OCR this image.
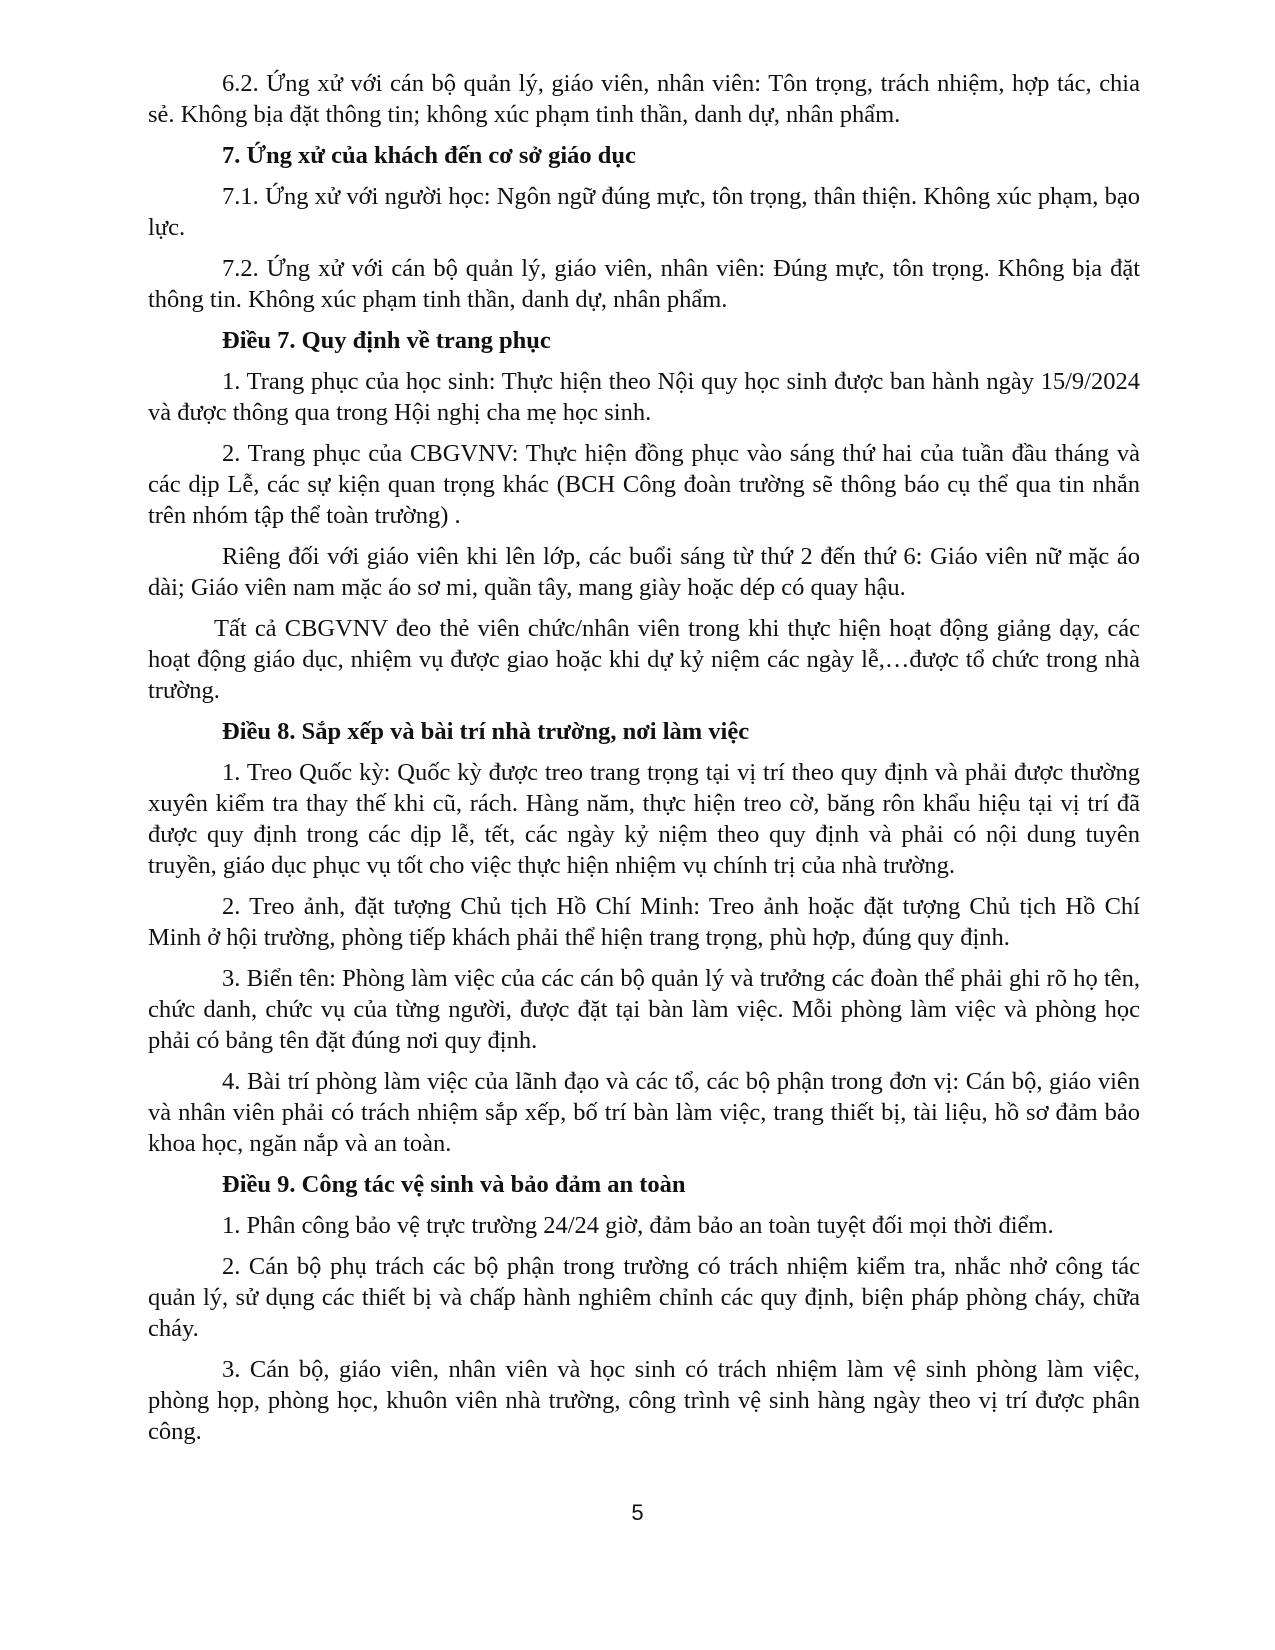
6.2. Ứng xử với cán bộ quản lý, giáo viên, nhân viên: Tôn trọng, trách nhiệm, hợp tác, chia sẻ. Không bịa đặt thông tin; không xúc phạm tinh thần, danh dự, nhân phẩm.

7. Ứng xử của khách đến cơ sở giáo dục

7.1. Ứng xử với người học: Ngôn ngữ đúng mực, tôn trọng, thân thiện. Không xúc phạm, bạo lực.

7.2. Ứng xử với cán bộ quản lý, giáo viên, nhân viên: Đúng mực, tôn trọng. Không bịa đặt thông tin. Không xúc phạm tinh thần, danh dự, nhân phẩm.

Điều 7. Quy định về trang phục

1. Trang phục của học sinh: Thực hiện theo Nội quy học sinh được ban hành ngày 15/9/2024 và được thông qua trong Hội nghị cha mẹ học sinh.

2. Trang phục của CBGVNV: Thực hiện đồng phục vào sáng thứ hai của tuần đầu tháng và các dịp Lễ, các sự kiện quan trọng khác (BCH Công đoàn trường sẽ thông báo cụ thể qua tin nhắn trên nhóm tập thể toàn trường) .

Riêng đối với giáo viên khi lên lớp, các buổi sáng từ thứ 2 đến thứ 6: Giáo viên nữ mặc áo dài; Giáo viên nam mặc áo sơ mi, quần tây, mang giày hoặc dép có quay hậu.

Tất cả CBGVNV đeo thẻ viên chức/nhân viên trong khi thực hiện hoạt động giảng dạy, các hoạt động giáo dục, nhiệm vụ được giao hoặc khi dự kỷ niệm các ngày lễ,…được tổ chức trong nhà trường.

Điều 8. Sắp xếp và bài trí nhà trường, nơi làm việc

1. Treo Quốc kỳ: Quốc kỳ được treo trang trọng tại vị trí theo quy định và phải được thường xuyên kiểm tra thay thế khi cũ, rách. Hàng năm, thực hiện treo cờ, băng rôn khẩu hiệu tại vị trí đã được quy định trong các dịp lễ, tết, các ngày kỷ niệm theo quy định và phải có nội dung tuyên truyền, giáo dục phục vụ tốt cho việc thực hiện nhiệm vụ chính trị của nhà trường.

2. Treo ảnh, đặt tượng Chủ tịch Hồ Chí Minh: Treo ảnh hoặc đặt tượng Chủ tịch Hồ Chí Minh ở hội trường, phòng tiếp khách phải thể hiện trang trọng, phù hợp, đúng quy định.

3. Biển tên: Phòng làm việc của các cán bộ quản lý và trưởng các đoàn thể phải ghi rõ họ tên, chức danh, chức vụ của từng người, được đặt tại bàn làm việc. Mỗi phòng làm việc và phòng học phải có bảng tên đặt đúng nơi quy định.

4. Bài trí phòng làm việc của lãnh đạo và các tổ, các bộ phận trong đơn vị: Cán bộ, giáo viên và nhân viên phải có trách nhiệm sắp xếp, bố trí bàn làm việc, trang thiết bị, tài liệu, hồ sơ đảm bảo khoa học, ngăn nắp và an toàn.

Điều 9. Công tác vệ sinh và bảo đảm an toàn

1. Phân công bảo vệ trực trường 24/24 giờ, đảm bảo an toàn tuyệt đối mọi thời điểm.

2. Cán bộ phụ trách các bộ phận trong trường có trách nhiệm kiểm tra, nhắc nhở công tác quản lý, sử dụng các thiết bị và chấp hành nghiêm chỉnh các quy định, biện pháp phòng cháy, chữa cháy.

3. Cán bộ, giáo viên, nhân viên và học sinh có trách nhiệm làm vệ sinh phòng làm việc, phòng họp, phòng học, khuôn viên nhà trường, công trình vệ sinh hàng ngày theo vị trí được phân công.

5
